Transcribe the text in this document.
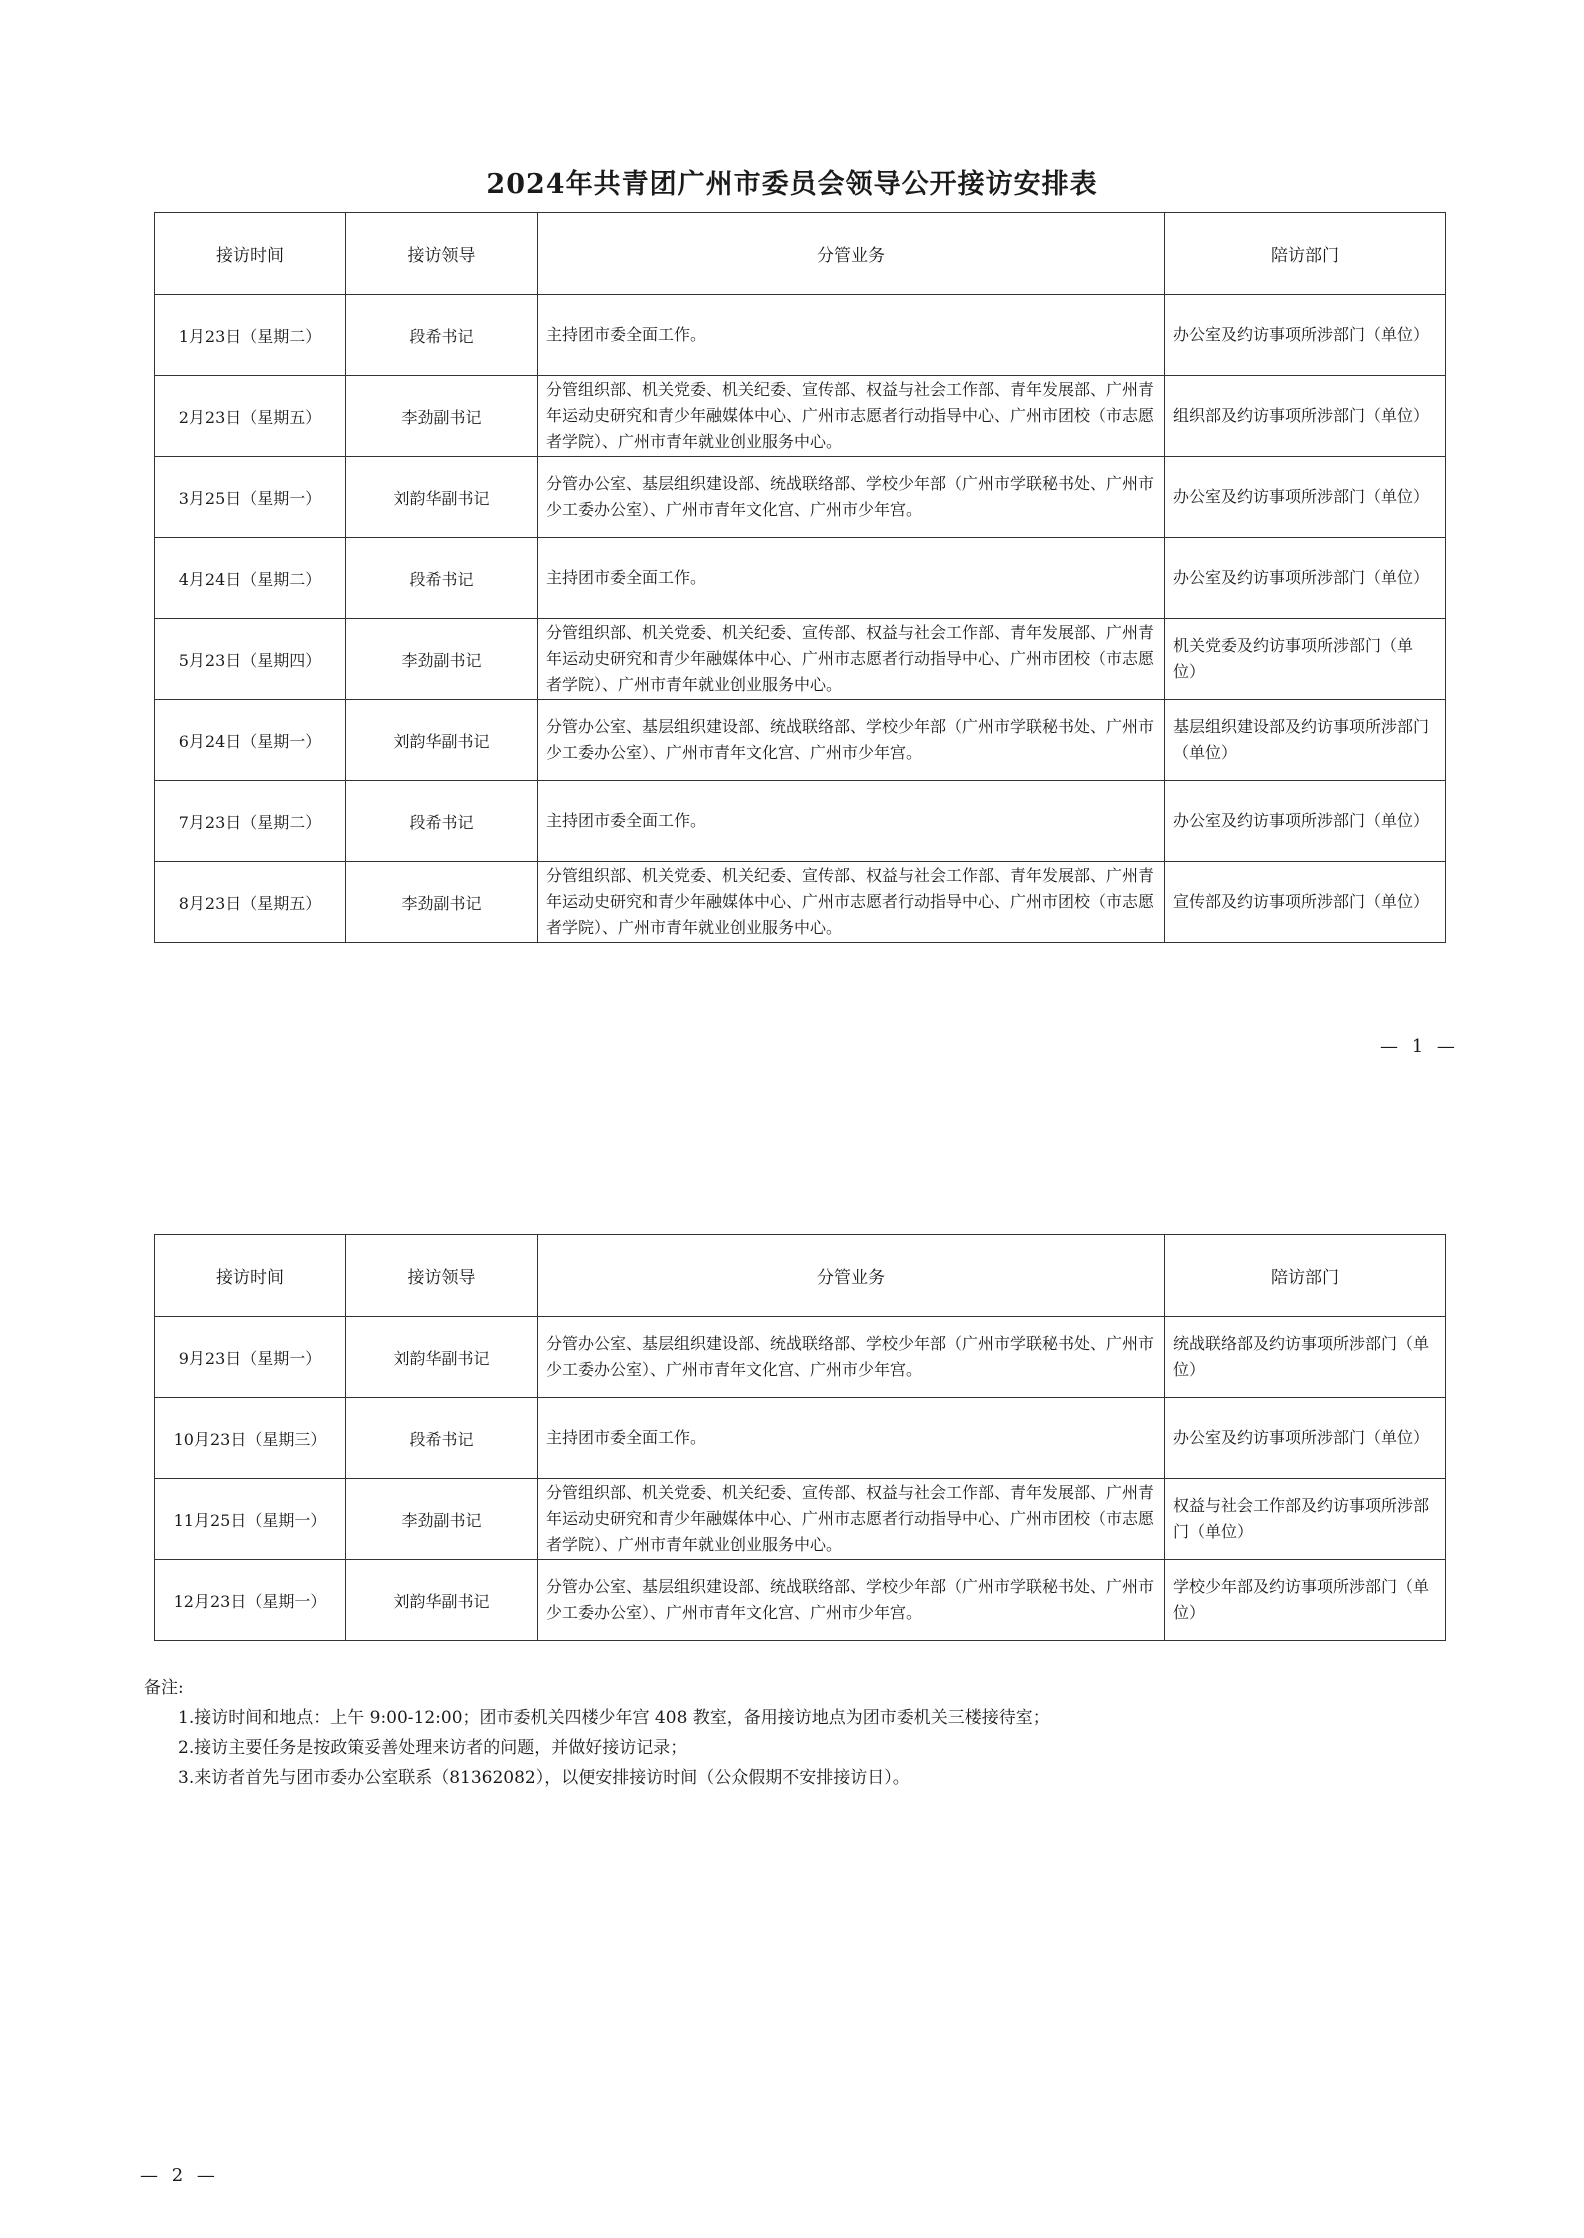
2024年共青团广州市委员会领导公开接访安排表
接访时间	接访领导	分管业务	陪访部门
1月23日（星期二）	段希书记	主持团市委全面工作。	办公室及约访事项所涉部门（单位）
2月23日（星期五）	李劲副书记	分管组织部、机关党委、机关纪委、宣传部、权益与社会工作部、青年发展部、广州青年运动史研究和青少年融媒体中心、广州市志愿者行动指导中心、广州市团校（市志愿者学院）、广州市青年就业创业服务中心。	组织部及约访事项所涉部门（单位）
3月25日（星期一）	刘韵华副书记	分管办公室、基层组织建设部、统战联络部、学校少年部（广州市学联秘书处、广州市少工委办公室）、广州市青年文化宫、广州市少年宫。	办公室及约访事项所涉部门（单位）
4月24日（星期二）	段希书记	主持团市委全面工作。	办公室及约访事项所涉部门（单位）
5月23日（星期四）	李劲副书记	分管组织部、机关党委、机关纪委、宣传部、权益与社会工作部、青年发展部、广州青年运动史研究和青少年融媒体中心、广州市志愿者行动指导中心、广州市团校（市志愿者学院）、广州市青年就业创业服务中心。	机关党委及约访事项所涉部门（单位）
6月24日（星期一）	刘韵华副书记	分管办公室、基层组织建设部、统战联络部、学校少年部（广州市学联秘书处、广州市少工委办公室）、广州市青年文化宫、广州市少年宫。	基层组织建设部及约访事项所涉部门（单位）
7月23日（星期二）	段希书记	主持团市委全面工作。	办公室及约访事项所涉部门（单位）
8月23日（星期五）	李劲副书记	分管组织部、机关党委、机关纪委、宣传部、权益与社会工作部、青年发展部、广州青年运动史研究和青少年融媒体中心、广州市志愿者行动指导中心、广州市团校（市志愿者学院）、广州市青年就业创业服务中心。	宣传部及约访事项所涉部门（单位）
— 1 —
接访时间	接访领导	分管业务	陪访部门
9月23日（星期一）	刘韵华副书记	分管办公室、基层组织建设部、统战联络部、学校少年部（广州市学联秘书处、广州市少工委办公室）、广州市青年文化宫、广州市少年宫。	统战联络部及约访事项所涉部门（单位）
10月23日（星期三）	段希书记	主持团市委全面工作。	办公室及约访事项所涉部门（单位）
11月25日（星期一）	李劲副书记	分管组织部、机关党委、机关纪委、宣传部、权益与社会工作部、青年发展部、广州青年运动史研究和青少年融媒体中心、广州市志愿者行动指导中心、广州市团校（市志愿者学院）、广州市青年就业创业服务中心。	权益与社会工作部及约访事项所涉部门（单位）
12月23日（星期一）	刘韵华副书记	分管办公室、基层组织建设部、统战联络部、学校少年部（广州市学联秘书处、广州市少工委办公室）、广州市青年文化宫、广州市少年宫。	学校少年部及约访事项所涉部门（单位）
备注:
1.接访时间和地点：上午 9:00-12:00；团市委机关四楼少年宫 408 教室，备用接访地点为团市委机关三楼接待室；
2.接访主要任务是按政策妥善处理来访者的问题，并做好接访记录；
3.来访者首先与团市委办公室联系（81362082），以便安排接访时间（公众假期不安排接访日）。
— 2 —
